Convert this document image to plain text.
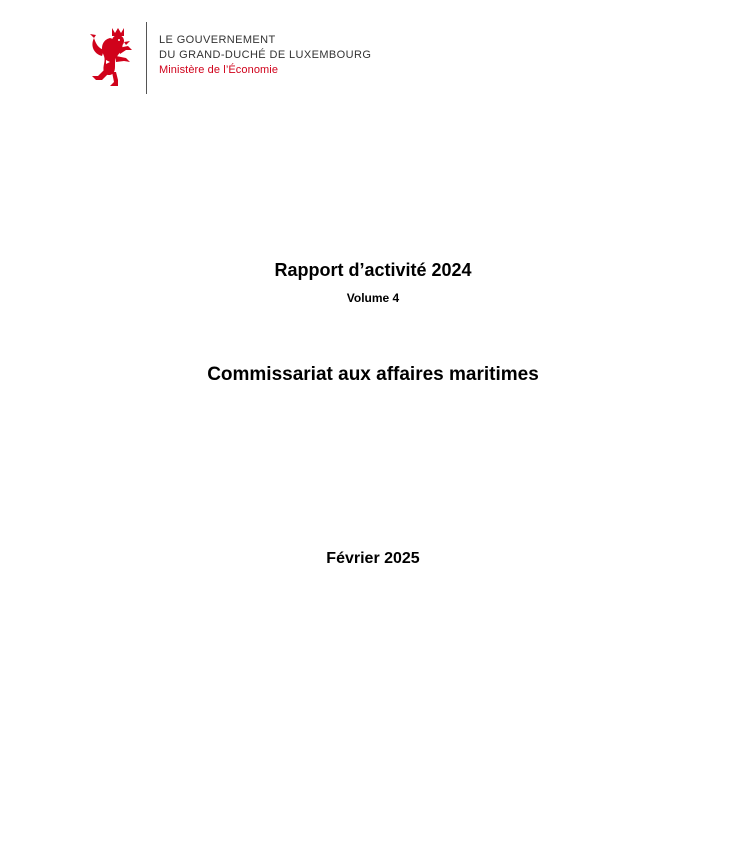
LE GOUVERNEMENT
DU GRAND-DUCHÉ DE LUXEMBOURG
Ministère de l’Économie
Rapport d’activité 2024
Volume 4
Commissariat aux affaires maritimes
Février 2025
